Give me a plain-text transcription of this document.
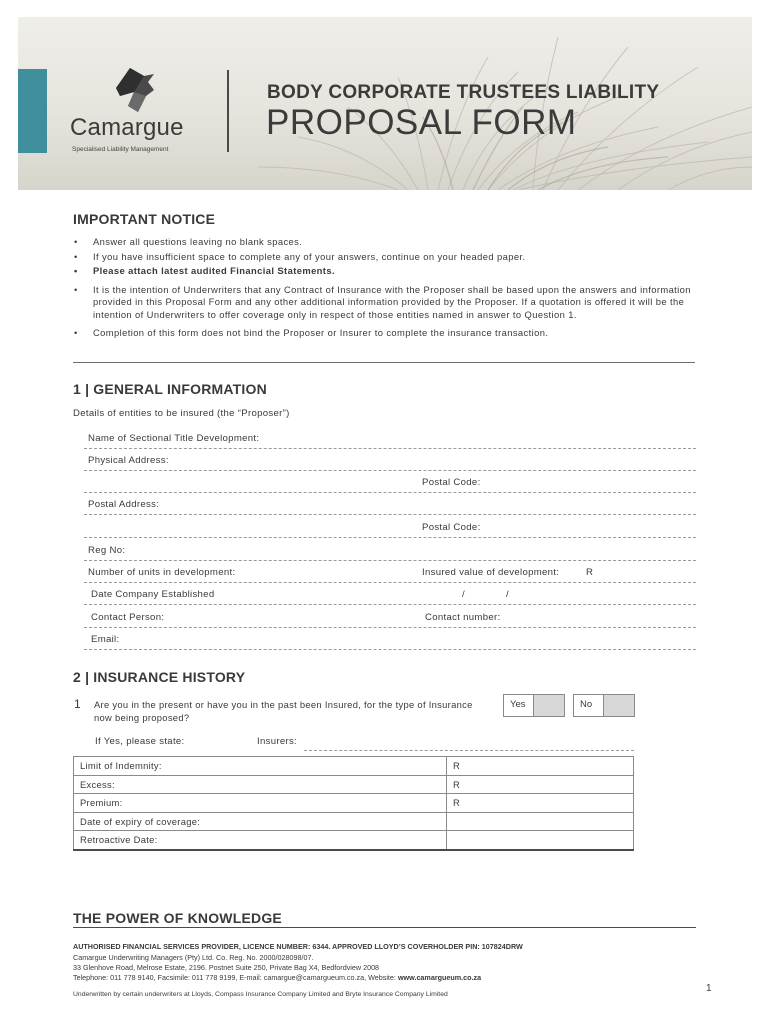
Camargue
Specialised Liability Management
BODY CORPORATE TRUSTEES LIABILITY
PROPOSAL FORM
IMPORTANT NOTICE
• Answer all questions leaving no blank spaces.
• If you have insufficient space to complete any of your answers, continue on your headed paper.
• Please attach latest audited Financial Statements.
• It is the intention of Underwriters that any Contract of Insurance with the Proposer shall be based upon the answers and information provided in this Proposal Form and any other additional information provided by the Proposer. If a quotation is offered it will be the intention of Underwriters to offer coverage only in respect of those entities named in answer to Question 1.
• Completion of this form does not bind the Proposer or Insurer to complete the insurance transaction.
1 | GENERAL INFORMATION
Details of entities to be insured (the “Proposer”)
Name of Sectional Title Development:
Physical Address:
Postal Code:
Postal Address:
Postal Code:
Reg No:
Number of units in development:	Insured value of development:	R
Date Company Established	/	/
Contact Person:	Contact number:
Email:
2 | INSURANCE HISTORY
1 Are you in the present or have you in the past been Insured, for the type of Insurance now being proposed?
Yes	No
If Yes, please state:	Insurers:
Limit of Indemnity:	R
Excess:	R
Premium:	R
Date of expiry of coverage:	
Retroactive Date:	
THE POWER OF KNOWLEDGE
AUTHORISED FINANCIAL SERVICES PROVIDER, LICENCE NUMBER: 6344. APPROVED LLOYD’S COVERHOLDER PIN: 107824DRW
Camargue Underwriting Managers (Pty) Ltd. Co. Reg. No. 2000/028098/07.
33 Glenhove Road, Melrose Estate, 2196. Postnet Suite 250, Private Bag X4, Bedfordview 2008
Telephone: 011 778 9140, Facsimile: 011 778 9199, E-mail: camargue@camargueum.co.za, Website: www.camargueum.co.za
Underwritten by certain underwriters at Lloyds, Compass Insurance Company Limited and Bryte Insurance Company Limited
1
